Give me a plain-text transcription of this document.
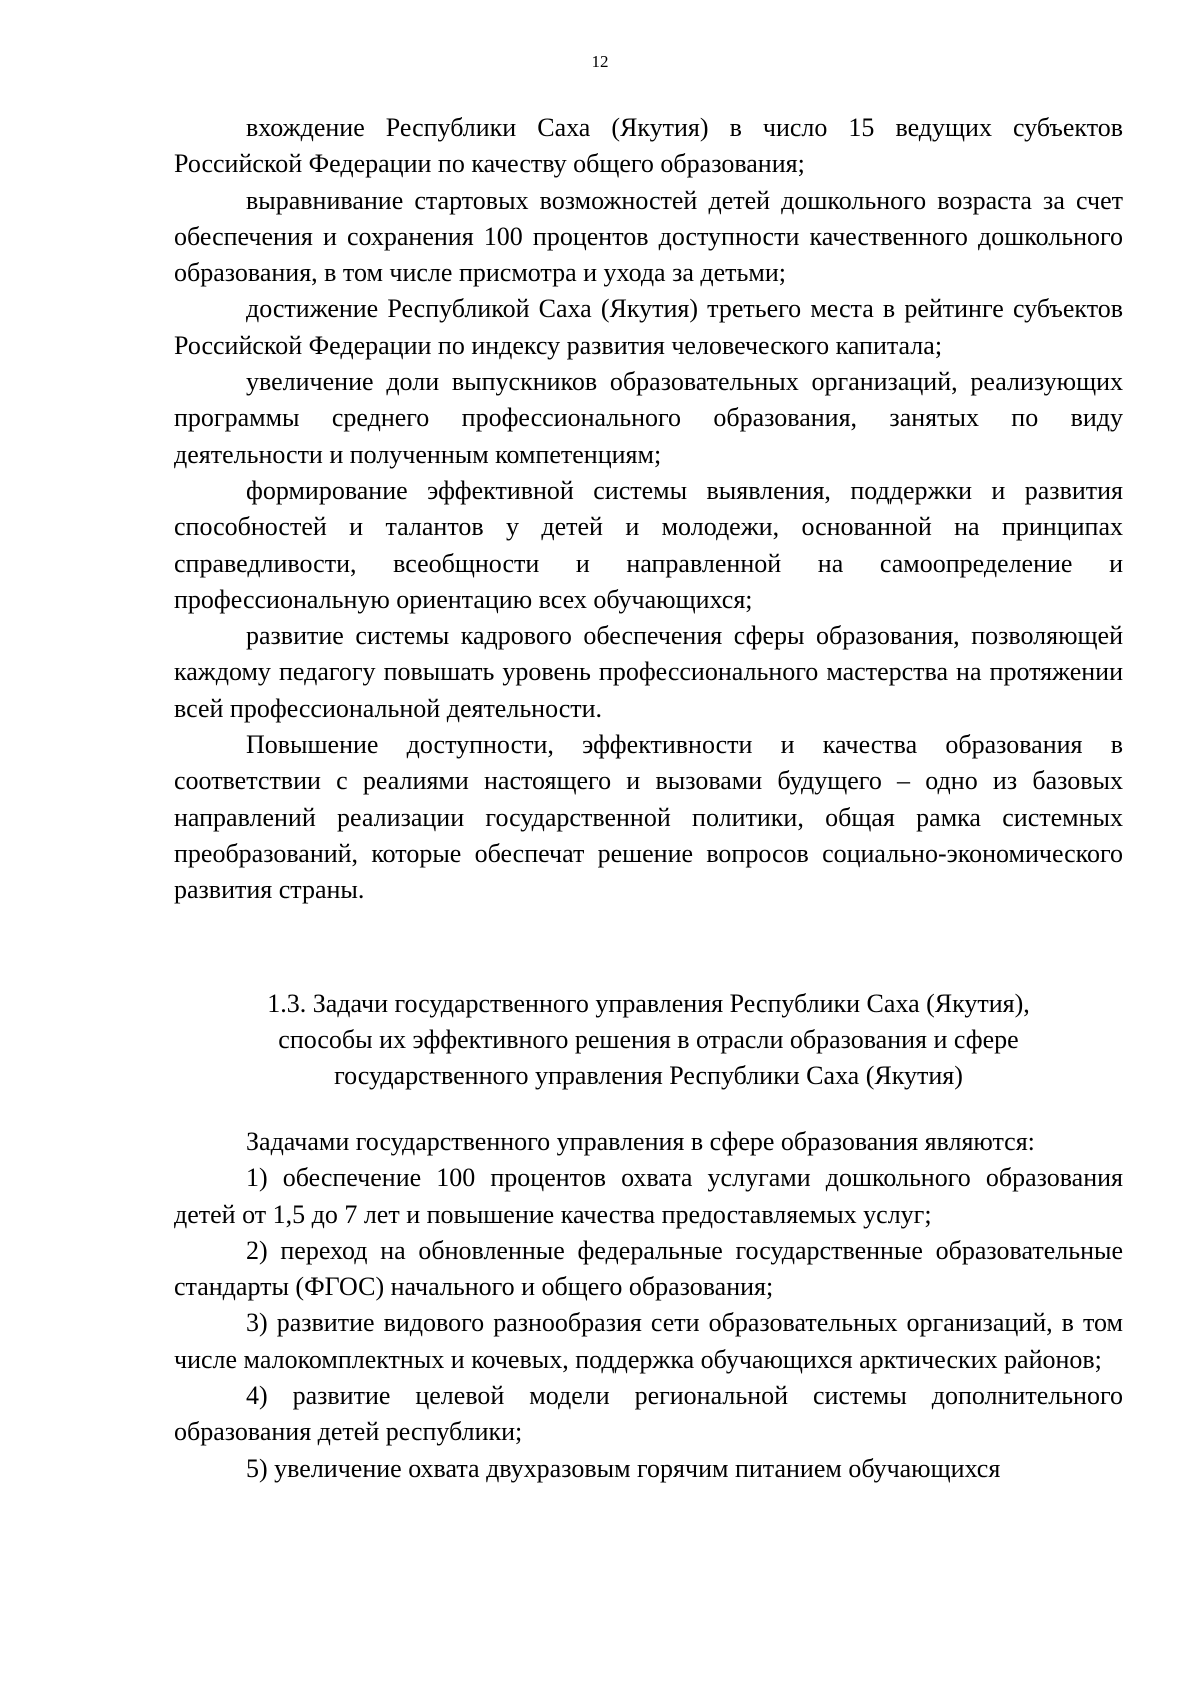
12

вхождение Республики Саха (Якутия) в число 15 ведущих субъектов Российской Федерации по качеству общего образования;

выравнивание стартовых возможностей детей дошкольного возраста за счет обеспечения и сохранения 100 процентов доступности качественного дошкольного образования, в том числе присмотра и ухода за детьми;

достижение Республикой Саха (Якутия) третьего места в рейтинге субъектов Российской Федерации по индексу развития человеческого капитала;

увеличение доли выпускников образовательных организаций, реализующих программы среднего профессионального образования, занятых по виду деятельности и полученным компетенциям;

формирование эффективной системы выявления, поддержки и развития способностей и талантов у детей и молодежи, основанной на принципах справедливости, всеобщности и направленной на самоопределение и профессиональную ориентацию всех обучающихся;

развитие системы кадрового обеспечения сферы образования, позволяющей каждому педагогу повышать уровень профессионального мастерства на протяжении всей профессиональной деятельности.

Повышение доступности, эффективности и качества образования в соответствии с реалиями настоящего и вызовами будущего – одно из базовых направлений реализации государственной политики, общая рамка системных преобразований, которые обеспечат решение вопросов социально-экономического развития страны.

1.3. Задачи государственного управления Республики Саха (Якутия),
способы их эффективного решения в отрасли образования и сфере
государственного управления Республики Саха (Якутия)

Задачами государственного управления в сфере образования являются:

1) обеспечение 100 процентов охвата услугами дошкольного образования детей от 1,5 до 7 лет и повышение качества предоставляемых услуг;

2) переход на обновленные федеральные государственные образовательные стандарты (ФГОС) начального и общего образования;

3) развитие видового разнообразия сети образовательных организаций, в том числе малокомплектных и кочевых, поддержка обучающихся арктических районов;

4) развитие целевой модели региональной системы дополнительного образования детей республики;

5) увеличение охвата двухразовым горячим питанием обучающихся
